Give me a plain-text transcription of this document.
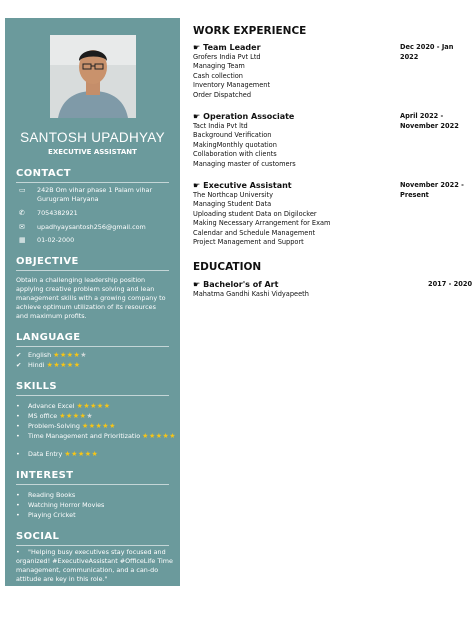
SANTOSH UPADHYAY
EXECUTIVE ASSISTANT
CONTACT
▭	242B Om vihar phase 1 Palam vihar Gurugram Haryana
✆	7054382921
✉	upadhyaysantosh256@gmail.com
▦	01-02-2000
OBJECTIVE
Obtain a challenging leadership position applying creative problem solving and lean management skills with a growing company to achieve optimum utilization of its resources and maximum profits.
LANGUAGE
✔ English ★★★★★
✔ Hindi ★★★★★
SKILLS
• Advance Excel ★★★★★
• MS office ★★★★★
• Problem-Solving ★★★★★
• Time Management and Prioritizatio ★★★★★
• Data Entry ★★★★★
INTEREST
• Reading Books
• Watching Horror Movies
• Playing Cricket
SOCIAL
• "Helping busy executives stay focused and organized! #ExecutiveAssistant #OfficeLife Time management, communication, and a can-do attitude are key in this role."
WORK EXPERIENCE
☛ Team Leader	Dec 2020 - Jan 2022
Grofers India Pvt Ltd
Managing Team
Cash collection
Inventory Management
Order Dispatched
☛ Operation Associate	April 2022 -
November 2022
Tact India Pvt ltd
Background Verification
MakingMonthly quotation
Collaboration with clients
Managing master of customers
☛ Executive Assistant	November 2022 -
Present
The Northcap University
Managing Student Data
Uploading student Data on Digilocker
Making Necessary Arrangement for Exam
Calendar and Schedule Management
Project Management and Support
EDUCATION
☛ Bachelor's of Art	2017 - 2020
Mahatma Gandhi Kashi Vidyapeeth
